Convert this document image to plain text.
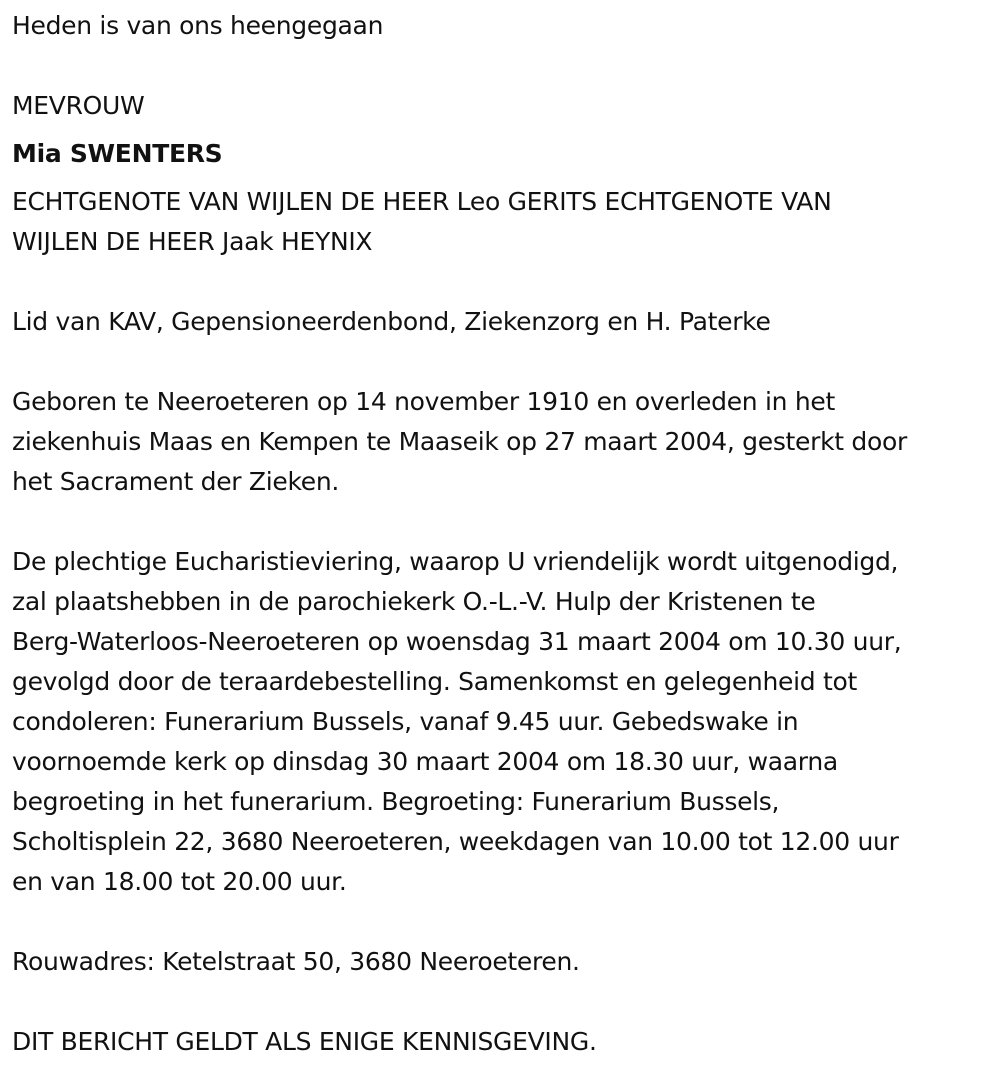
Heden is van ons heengegaan
MEVROUW
Mia SWENTERS
ECHTGENOTE VAN WIJLEN DE HEER Leo GERITS ECHTGENOTE VAN
WIJLEN DE HEER Jaak HEYNIX
Lid van KAV, Gepensioneerdenbond, Ziekenzorg en H. Paterke
Geboren te Neeroeteren op 14 november 1910 en overleden in het
ziekenhuis Maas en Kempen te Maaseik op 27 maart 2004, gesterkt door
het Sacrament der Zieken.
De plechtige Eucharistieviering, waarop U vriendelijk wordt uitgenodigd,
zal plaatshebben in de parochiekerk O.-L.-V. Hulp der Kristenen te
Berg-Waterloos-Neeroeteren op woensdag 31 maart 2004 om 10.30 uur,
gevolgd door de teraardebestelling. Samenkomst en gelegenheid tot
condoleren: Funerarium Bussels, vanaf 9.45 uur. Gebedswake in
voornoemde kerk op dinsdag 30 maart 2004 om 18.30 uur, waarna
begroeting in het funerarium. Begroeting: Funerarium Bussels,
Scholtisplein 22, 3680 Neeroeteren, weekdagen van 10.00 tot 12.00 uur
en van 18.00 tot 20.00 uur.
Rouwadres: Ketelstraat 50, 3680 Neeroeteren.
DIT BERICHT GELDT ALS ENIGE KENNISGEVING.
